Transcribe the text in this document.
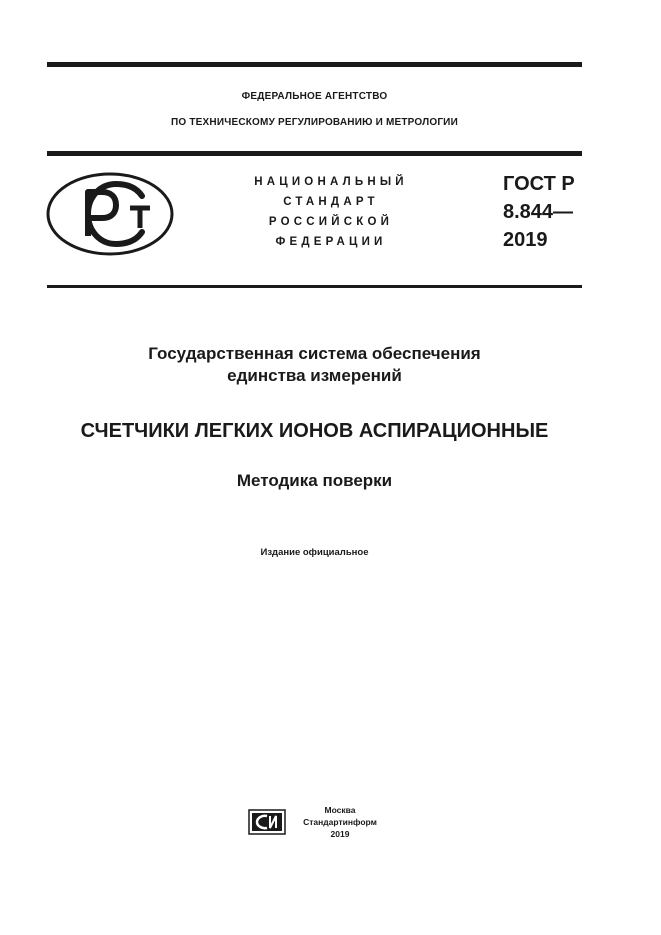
ФЕДЕРАЛЬНОЕ АГЕНТСТВО
ПО ТЕХНИЧЕСКОМУ РЕГУЛИРОВАНИЮ И МЕТРОЛОГИИ
НАЦИОНАЛЬНЫЙ
СТАНДАРТ
РОССИЙСКОЙ
ФЕДЕРАЦИИ
ГОСТ Р
8.844—
2019
Государственная система обеспечения
единства измерений
СЧЕТЧИКИ ЛЕГКИХ ИОНОВ АСПИРАЦИОННЫЕ
Методика поверки
Издание официальное
Москва
Стандартинформ
2019
